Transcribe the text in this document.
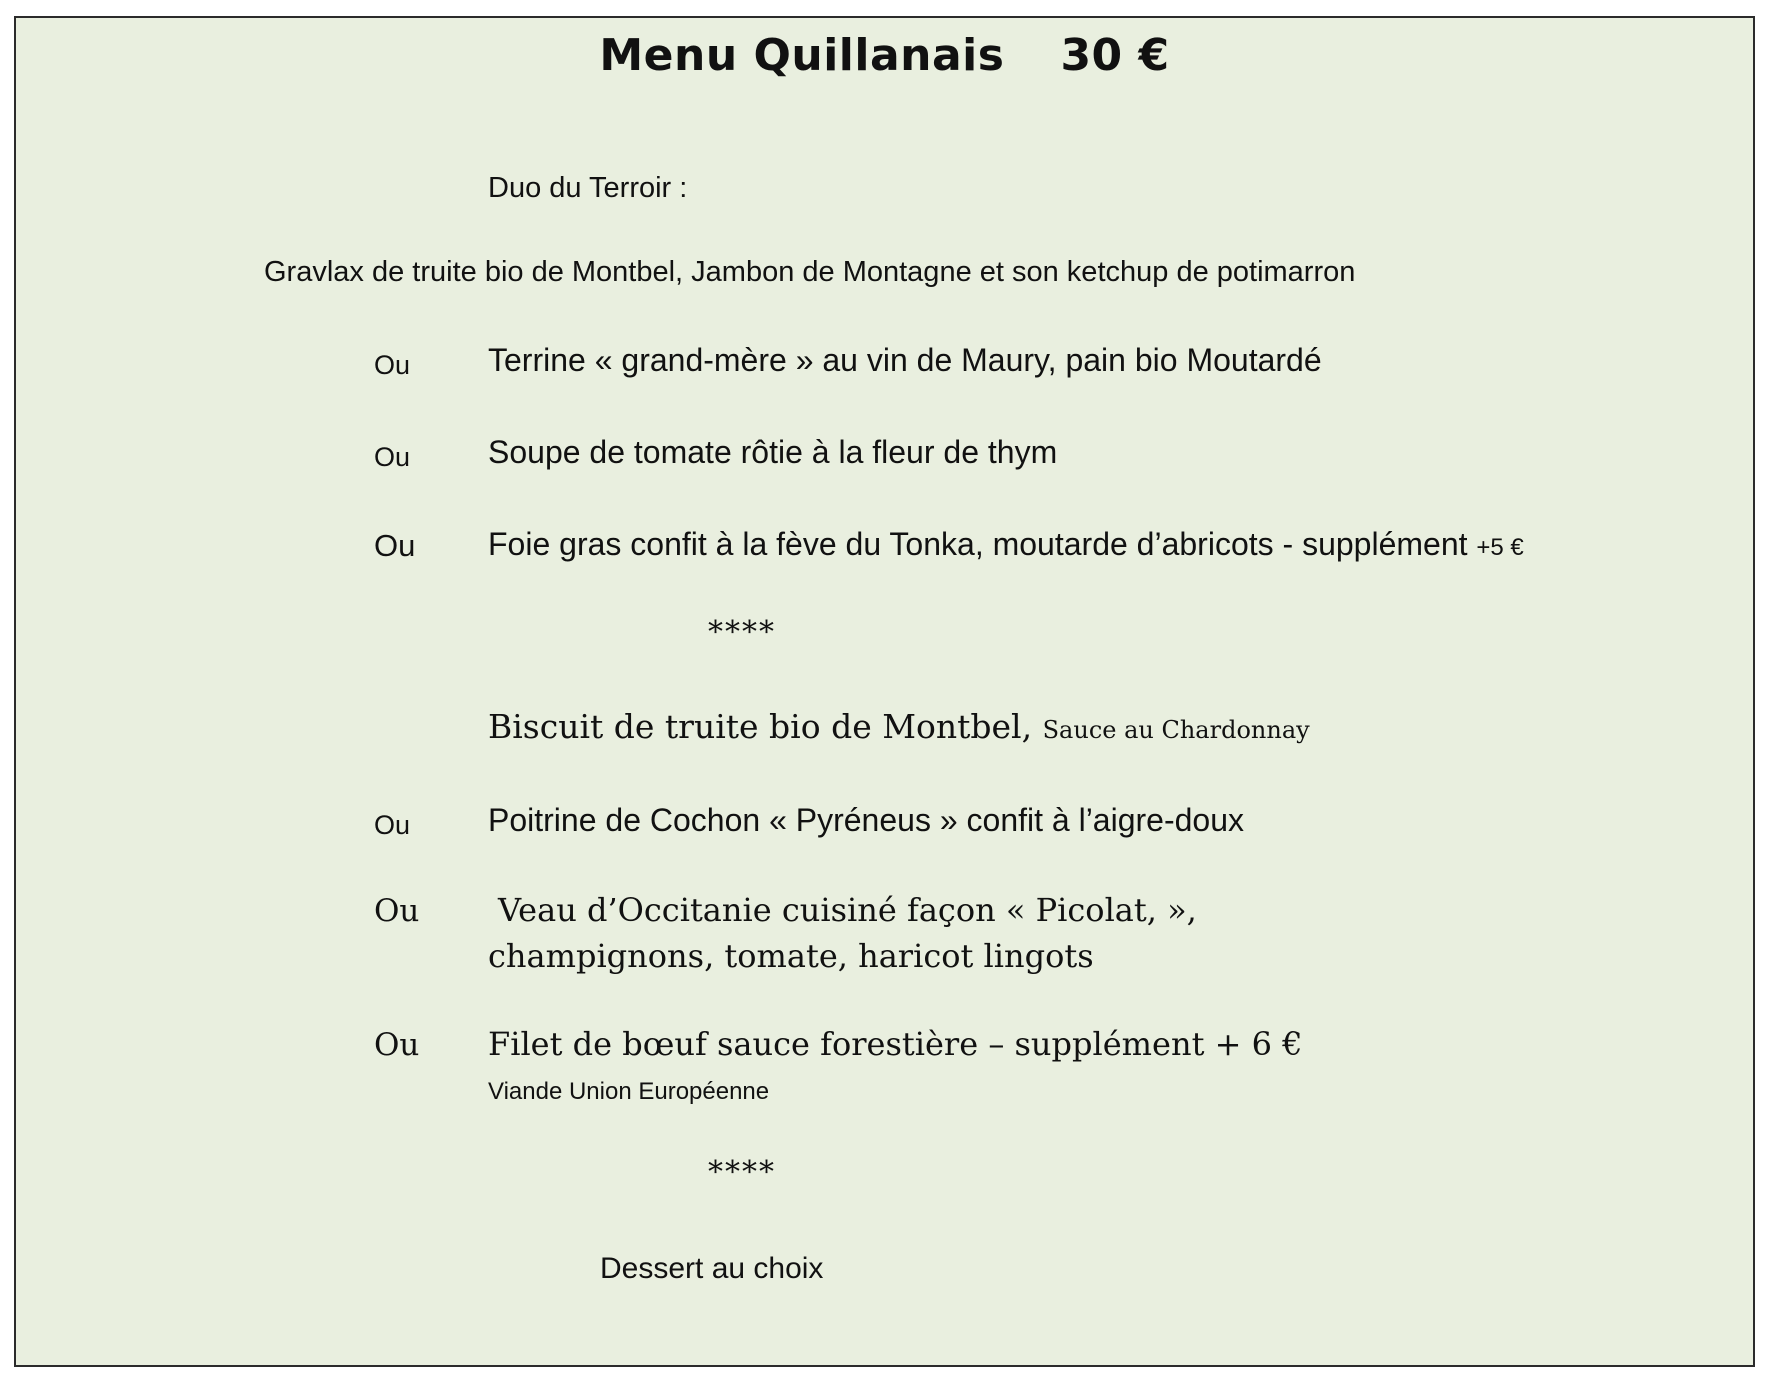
Menu Quillanais 30 €
Duo du Terroir :
Gravlax de truite bio de Montbel, Jambon de Montagne et son ketchup de potimarron
Ou Terrine « grand-mère » au vin de Maury, pain bio Moutardé
Ou Soupe de tomate rôtie à la fleur de thym
Ou Foie gras confit à la fève du Tonka, moutarde d’abricots - supplément +5 €
****
Biscuit de truite bio de Montbel, Sauce au Chardonnay
Ou Poitrine de Cochon « Pyréneus » confit à l’aigre-doux
Ou Veau d’Occitanie cuisiné façon « Picolat, »,
champignons, tomate, haricot lingots
Ou Filet de bœuf sauce forestière – supplément + 6 €
Viande Union Européenne
****
Dessert au choix
